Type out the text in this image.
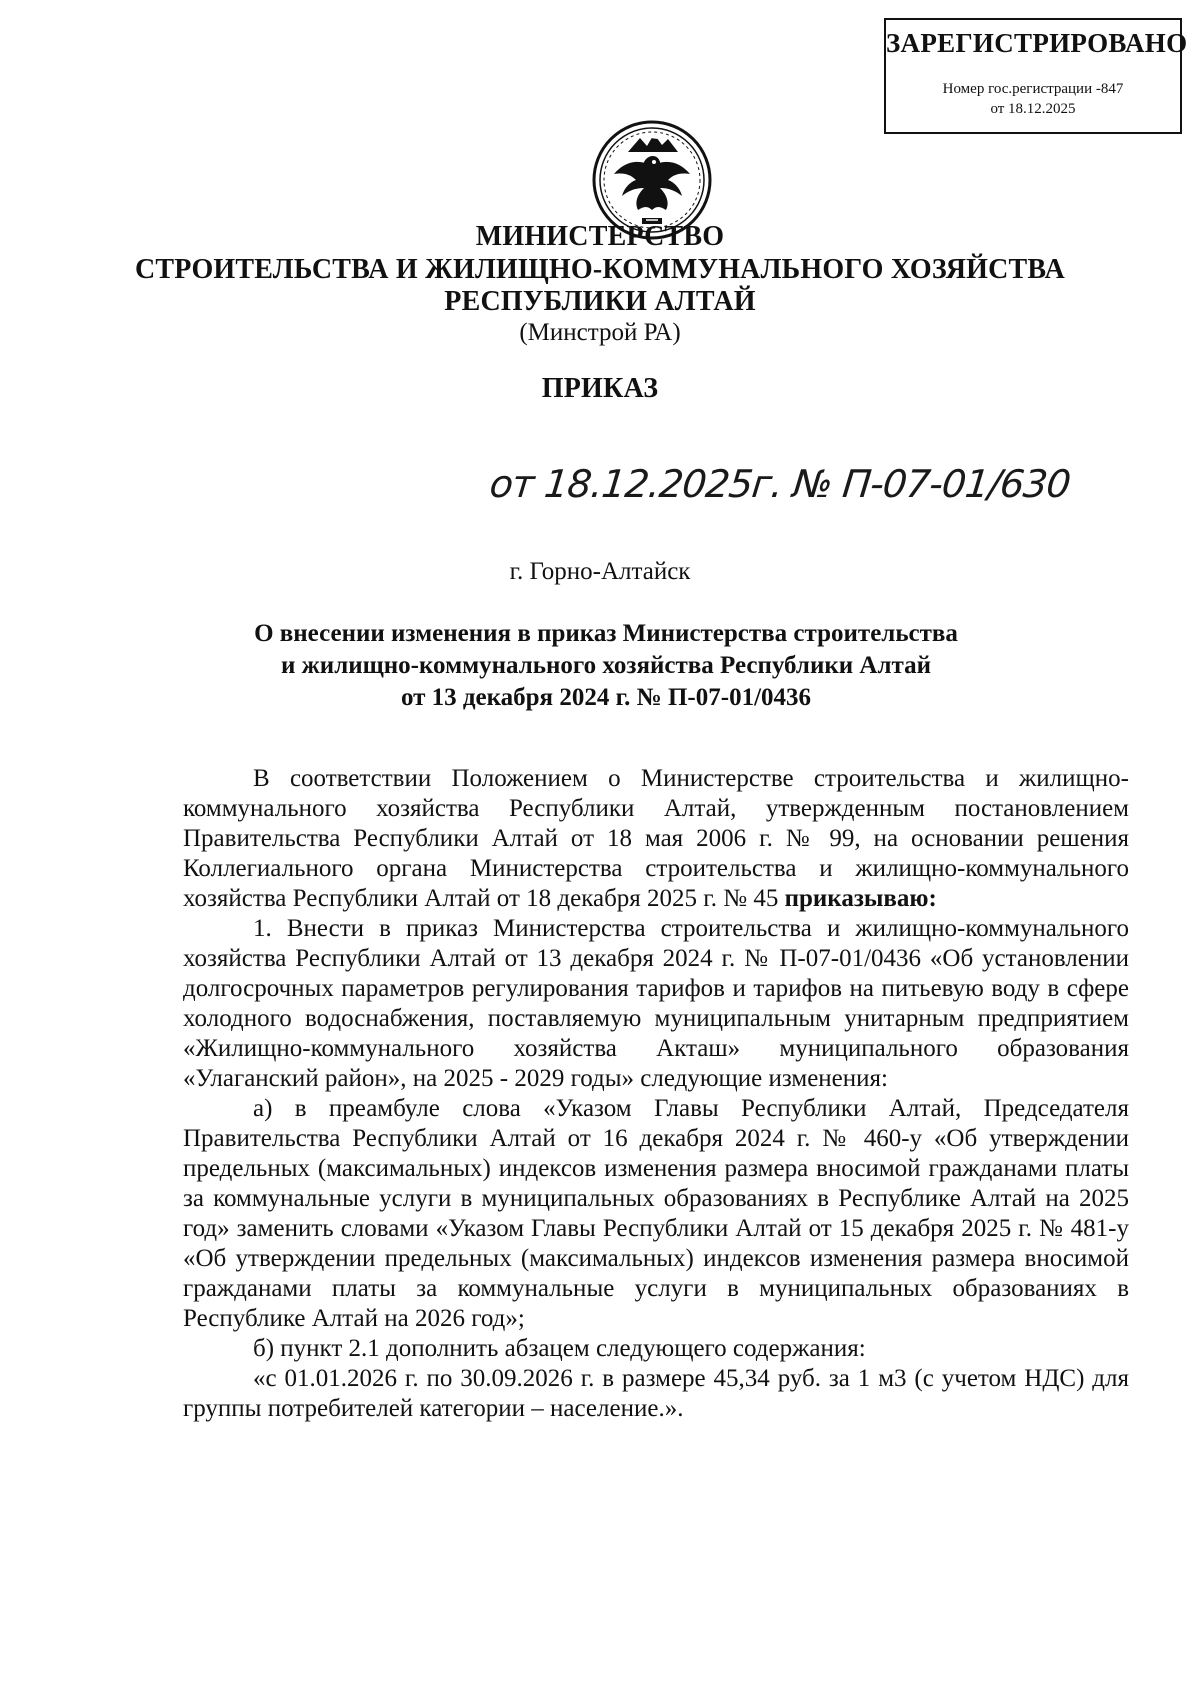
ЗАРЕГИСТРИРОВАНО
Номер гос.регистрации -847
от 18.12.2025
МИНИСТЕРСТВО
СТРОИТЕЛЬСТВА И ЖИЛИЩНО-КОММУНАЛЬНОГО ХОЗЯЙСТВА
РЕСПУБЛИКИ АЛТАЙ
(Минстрой РА)
ПРИКАЗ
от 18.12.2025г. № П-07-01/630
г. Горно-Алтайск
О внесении изменения в приказ Министерства строительства
и жилищно-коммунального хозяйства Республики Алтай
от 13 декабря 2024 г. № П-07-01/0436

В соответствии Положением о Министерстве строительства и жилищно-коммунального хозяйства Республики Алтай, утвержденным постановлением Правительства Республики Алтай от 18 мая 2006 г. № 99, на основании решения Коллегиального органа Министерства строительства и жилищно-коммунального хозяйства Республики Алтай от 18 декабря 2025 г. № 45 приказываю:

1. Внести в приказ Министерства строительства и жилищно-коммунального хозяйства Республики Алтай от 13 декабря 2024 г. № П-07-01/0436 «Об установлении долгосрочных параметров регулирования тарифов и тарифов на питьевую воду в сфере холодного водоснабжения, поставляемую муниципальным унитарным предприятием «Жилищно-коммунального хозяйства Акташ» муниципального образования «Улаганский район», на 2025 - 2029 годы» следующие изменения:

а) в преамбуле слова «Указом Главы Республики Алтай, Председателя Правительства Республики Алтай от 16 декабря 2024 г. № 460-у «Об утверждении предельных (максимальных) индексов изменения размера вносимой гражданами платы за коммунальные услуги в муниципальных образованиях в Республике Алтай на 2025 год» заменить словами «Указом Главы Республики Алтай от 15 декабря 2025 г. № 481-у «Об утверждении предельных (максимальных) индексов изменения размера вносимой гражданами платы за коммунальные услуги в муниципальных образованиях в Республике Алтай на 2026 год»;

б) пункт 2.1 дополнить абзацем следующего содержания:

«с 01.01.2026 г. по 30.09.2026 г. в размере 45,34 руб. за 1 м3 (с учетом НДС) для группы потребителей категории – население.».
